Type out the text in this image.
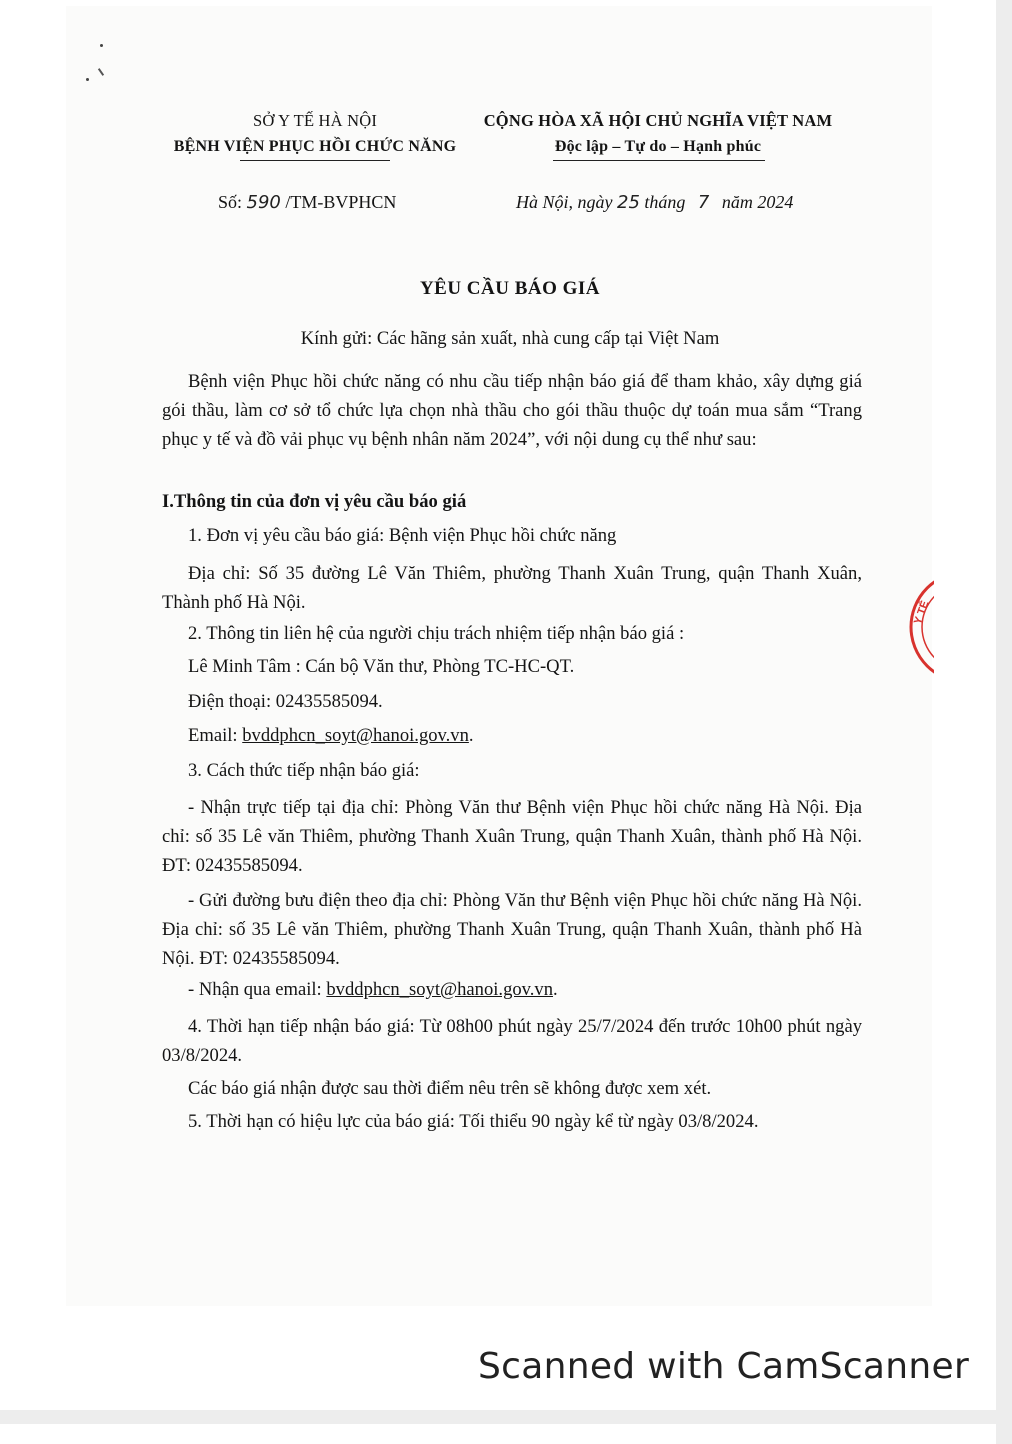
SỞ Y TẾ HÀ NỘI
BỆNH VIỆN PHỤC HỒI CHỨC NĂNG
CỘNG HÒA XÃ HỘI CHỦ NGHĨA VIỆT NAM
Độc lập – Tự do – Hạnh phúc
Số: 590 /TM-BVPHCN	Hà Nội, ngày 25 tháng 7 năm 2024
YÊU CẦU BÁO GIÁ
Kính gửi: Các hãng sản xuất, nhà cung cấp tại Việt Nam
Bệnh viện Phục hồi chức năng có nhu cầu tiếp nhận báo giá để tham khảo, xây dựng giá gói thầu, làm cơ sở tổ chức lựa chọn nhà thầu cho gói thầu thuộc dự toán mua sắm “Trang phục y tế và đồ vải phục vụ bệnh nhân năm 2024”, với nội dung cụ thể như sau:
I.Thông tin của đơn vị yêu cầu báo giá
1. Đơn vị yêu cầu báo giá: Bệnh viện Phục hồi chức năng
Địa chỉ: Số 35 đường Lê Văn Thiêm, phường Thanh Xuân Trung, quận Thanh Xuân, Thành phố Hà Nội.
2. Thông tin liên hệ của người chịu trách nhiệm tiếp nhận báo giá :
Lê Minh Tâm : Cán bộ Văn thư, Phòng TC-HC-QT.
Điện thoại: 02435585094.
Email: bvddphcn_soyt@hanoi.gov.vn.
3. Cách thức tiếp nhận báo giá:
- Nhận trực tiếp tại địa chỉ: Phòng Văn thư Bệnh viện Phục hồi chức năng Hà Nội. Địa chỉ: số 35 Lê văn Thiêm, phường Thanh Xuân Trung, quận Thanh Xuân, thành phố Hà Nội. ĐT: 02435585094.
- Gửi đường bưu điện theo địa chỉ: Phòng Văn thư Bệnh viện Phục hồi chức năng Hà Nội. Địa chỉ: số 35 Lê văn Thiêm, phường Thanh Xuân Trung, quận Thanh Xuân, thành phố Hà Nội. ĐT: 02435585094.
- Nhận qua email: bvddphcn_soyt@hanoi.gov.vn.
4. Thời hạn tiếp nhận báo giá: Từ 08h00 phút ngày 25/7/2024 đến trước 10h00 phút ngày 03/8/2024.
Các báo giá nhận được sau thời điểm nêu trên sẽ không được xem xét.
5. Thời hạn có hiệu lực của báo giá: Tối thiểu 90 ngày kể từ ngày 03/8/2024.
Y TẾ
Scanned with CamScanner
